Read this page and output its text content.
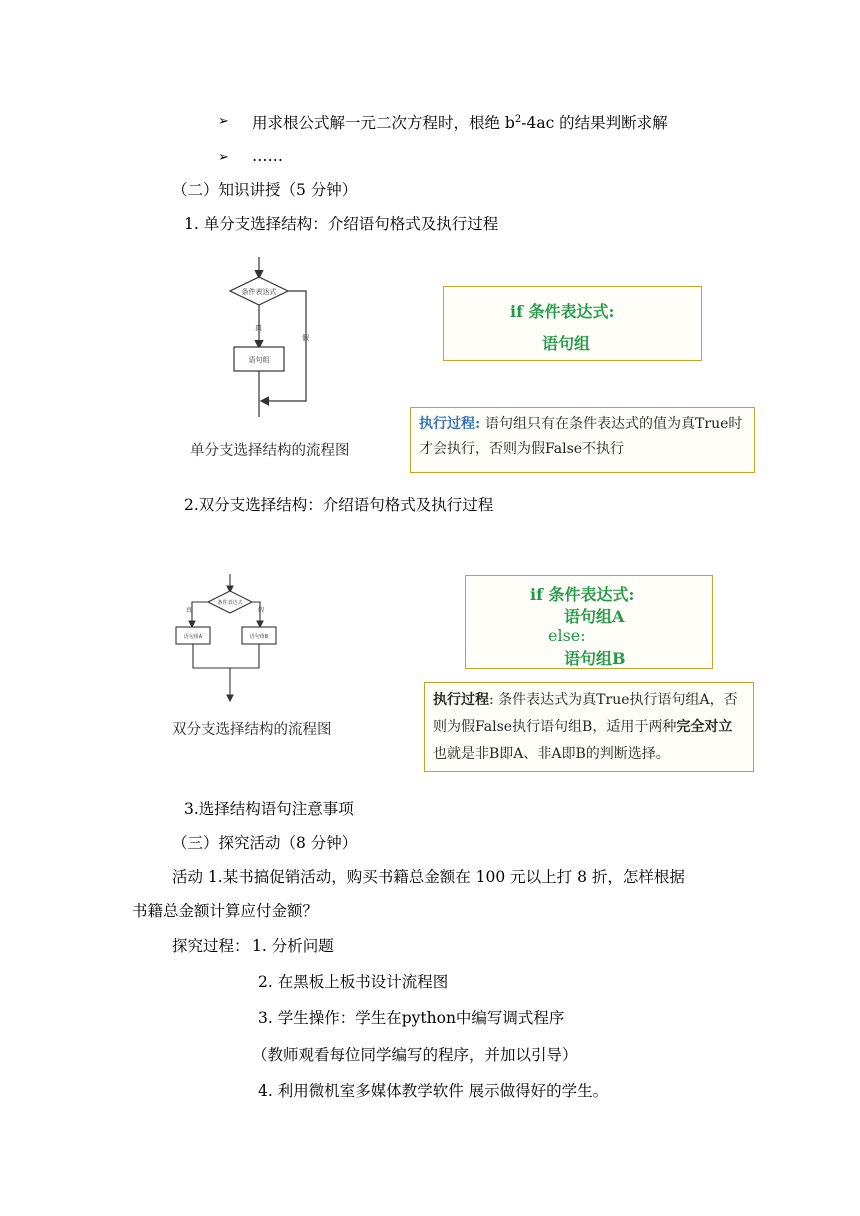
➢ 用求根公式解一元二次方程时，根绝 $b^2-4ac$ 的结果判断求解
➢ ……
（二）知识讲授（5 分钟）
1. 单分支选择结构：介绍语句格式及执行过程
条件表达式
真
语句组
假
单分支选择结构的流程图
if 条件表达式:
语句组
执行过程: 语句组只有在条件表达式的值为真True时才会执行，否则为假False不执行
2.双分支选择结构：介绍语句格式及执行过程
条件表达式
真	假
语句组A	语句组B
双分支选择结构的流程图
if 条件表达式:
语句组A
else:
语句组B
执行过程: 条件表达式为真True执行语句组A，否则为假False执行语句组B，适用于两种完全对立也就是非B即A、非A即B的判断选择。
3.选择结构语句注意事项
（三）探究活动（8 分钟）
活动 1.某书搞促销活动，购买书籍总金额在 100 元以上打 8 折，怎样根据
书籍总金额计算应付金额？
探究过程： 1. 分析问题
2. 在黑板上板书设计流程图
3. 学生操作：学生在python中编写调式程序
（教师观看每位同学编写的程序，并加以引导）
4. 利用微机室多媒体教学软件 展示做得好的学生。
